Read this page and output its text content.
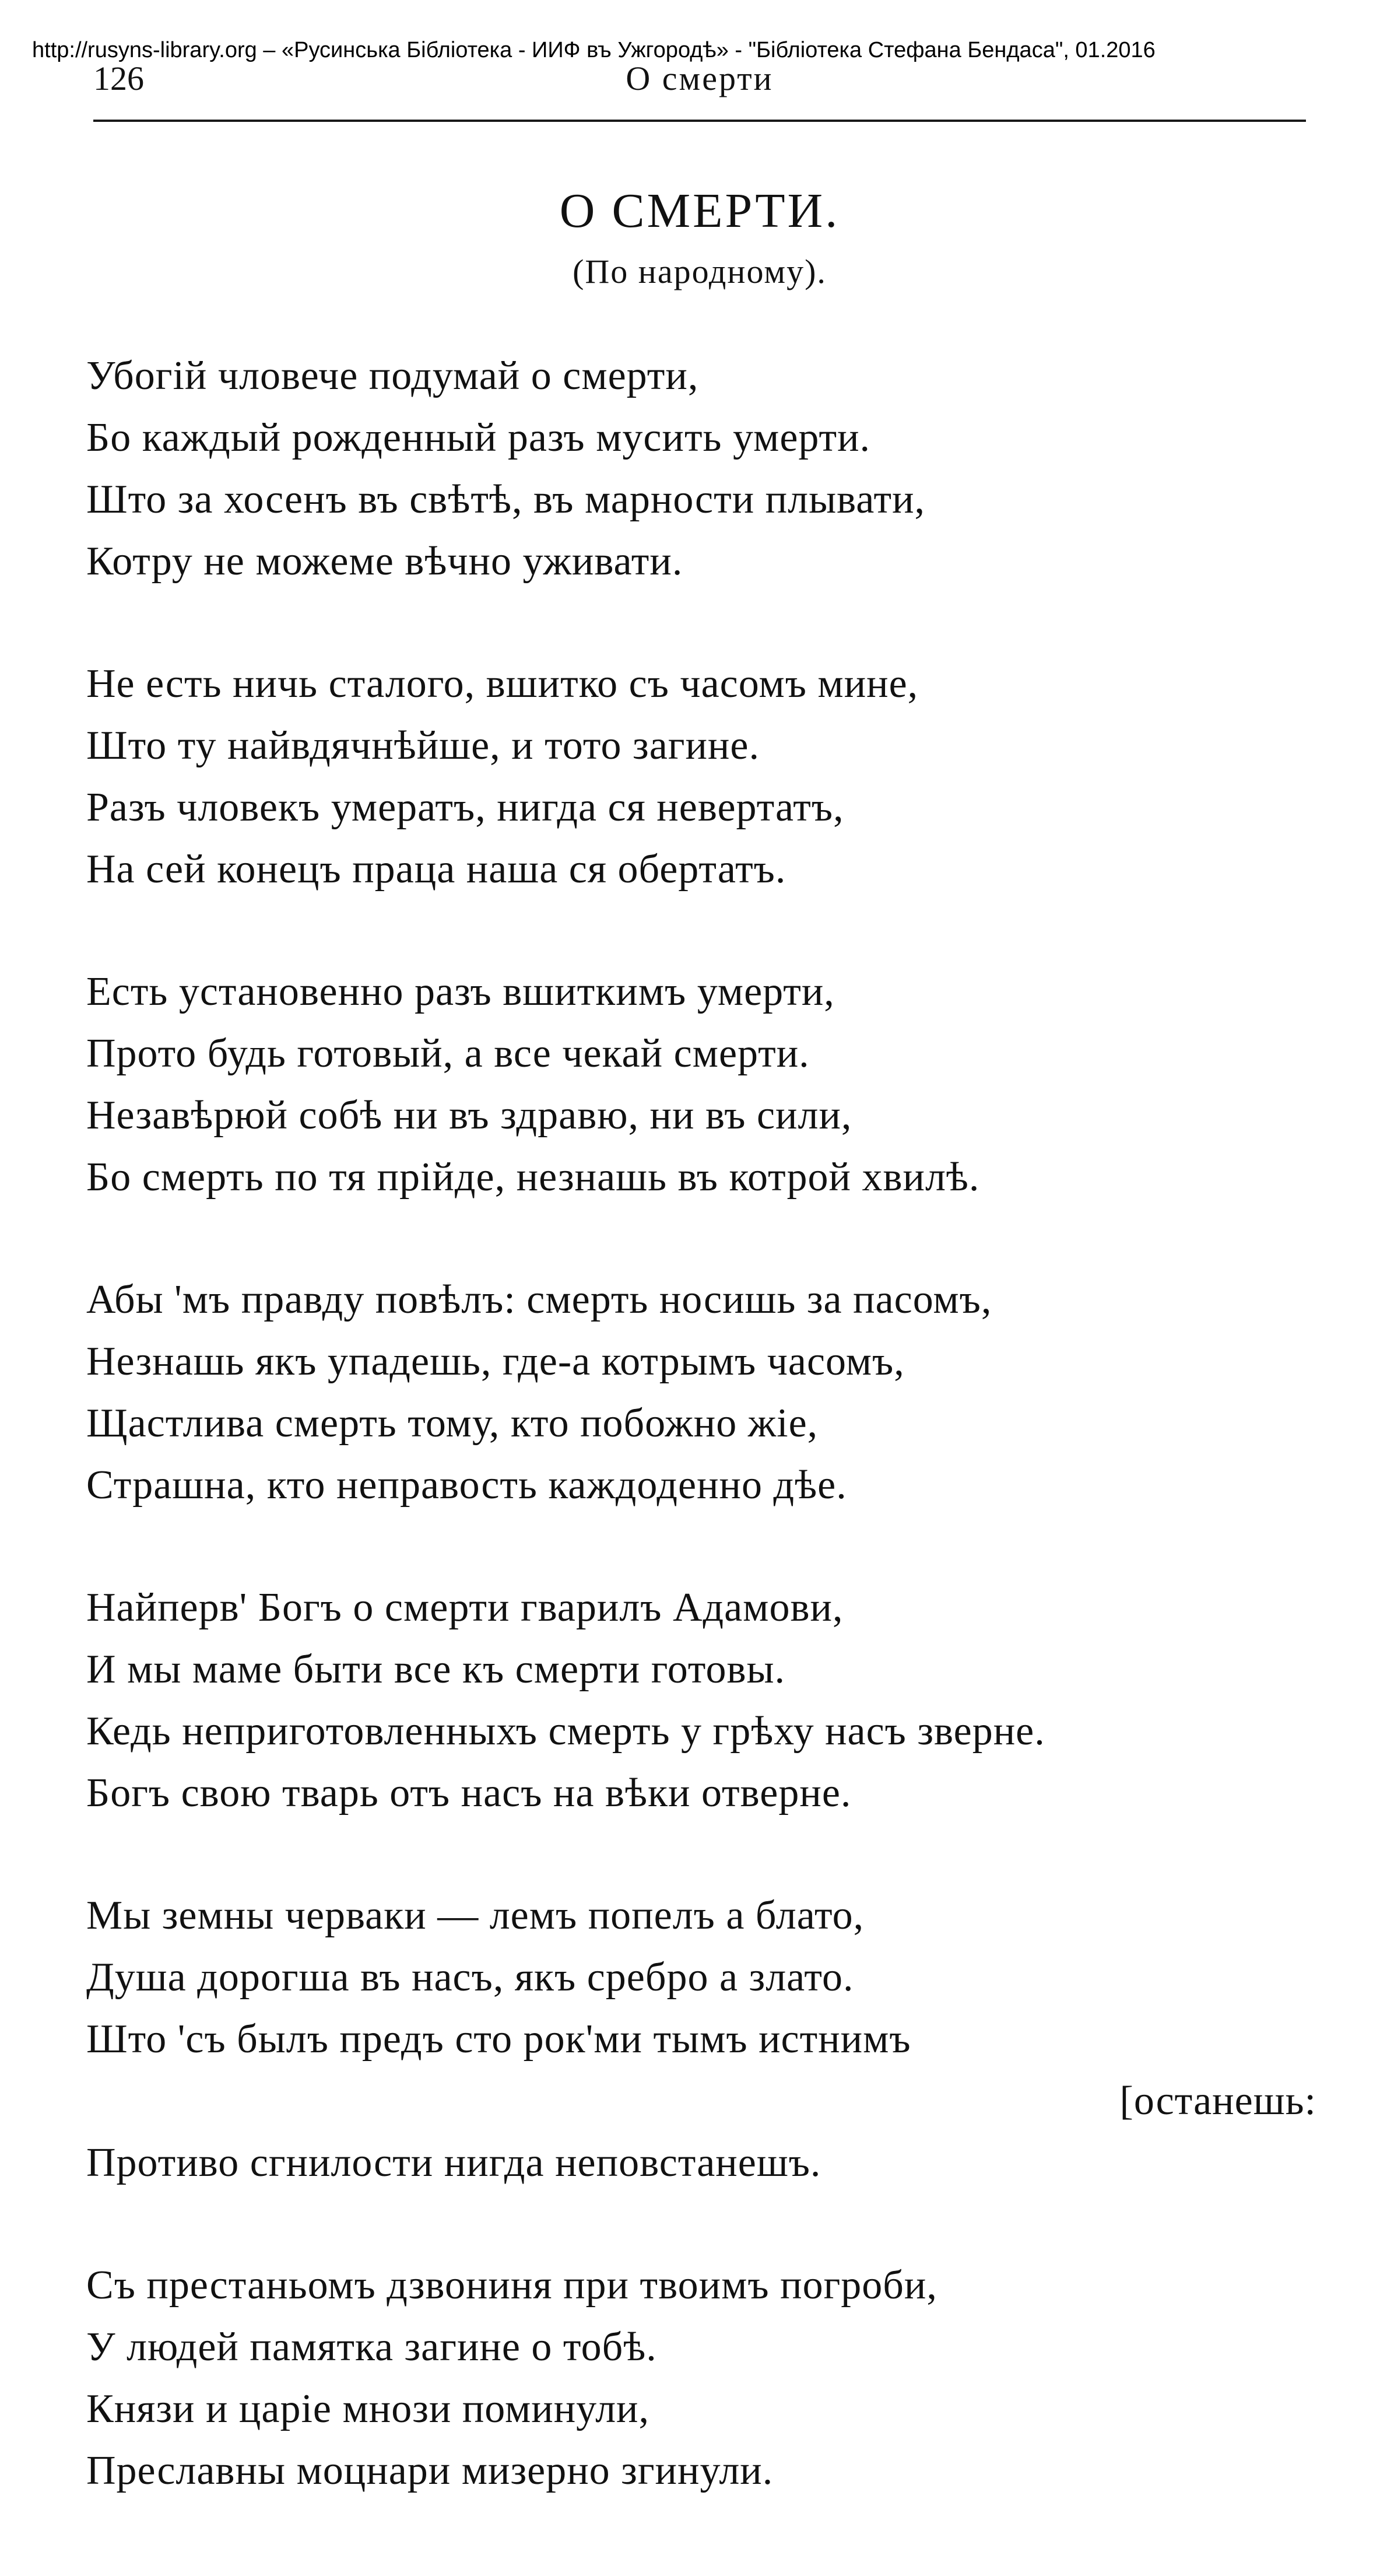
http://rusyns-library.org – «Русинська Бібліотека - ИИФ въ Ужгородѣ» - "Бібліотека Стефана Бендаса", 01.2016
126	О смерти
О СМЕРТИ.
(По народному).
Убогій чловече подумай о смерти,
Бо каждый рожденный разъ мусить умерти.
Што за хосенъ въ свѣтѣ, въ марности плывати,
Котру не можеме вѣчно уживати.
Не есть ничь сталого, вшитко съ часомъ мине,
Што ту найвдячнѣйше, и тото загине.
Разъ чловекъ умератъ, нигда ся невертатъ,
На сей конецъ праца наша ся обертатъ.
Есть установенно разъ вшиткимъ умерти,
Прото будь готовый, а все чекай смерти.
Незавѣрюй собѣ ни въ здравю, ни въ сили,
Бо смерть по тя прійде, незнашь въ котрой хвилѣ.
Абы 'мъ правду повѣлъ: смерть носишь за пасомъ,
Незнашь якъ упадешь, где-а котрымъ часомъ,
Щастлива смерть тому, кто побожно жіе,
Страшна, кто неправость каждоденно дѣе.
Найперв' Богъ о смерти гварилъ Адамови,
И мы маме быти все къ смерти готовы.
Кедь неприготовленныхъ смерть у грѣху насъ зверне.
Богъ свою тварь отъ насъ на вѣки отверне.
Мы земны черваки — лемъ попелъ а блато,
Душа дорогша въ насъ, якъ сребро а злато.
Што 'съ былъ предъ сто рок'ми тымъ истнимъ
[останешь:
Противо сгнилости нигда неповстанешъ.
Съ престаньомъ дзвониня при твоимъ погроби,
У людей памятка загине о тобѣ.
Князи и царіе мнози поминули,
Преславны моцнари мизерно згинули.
